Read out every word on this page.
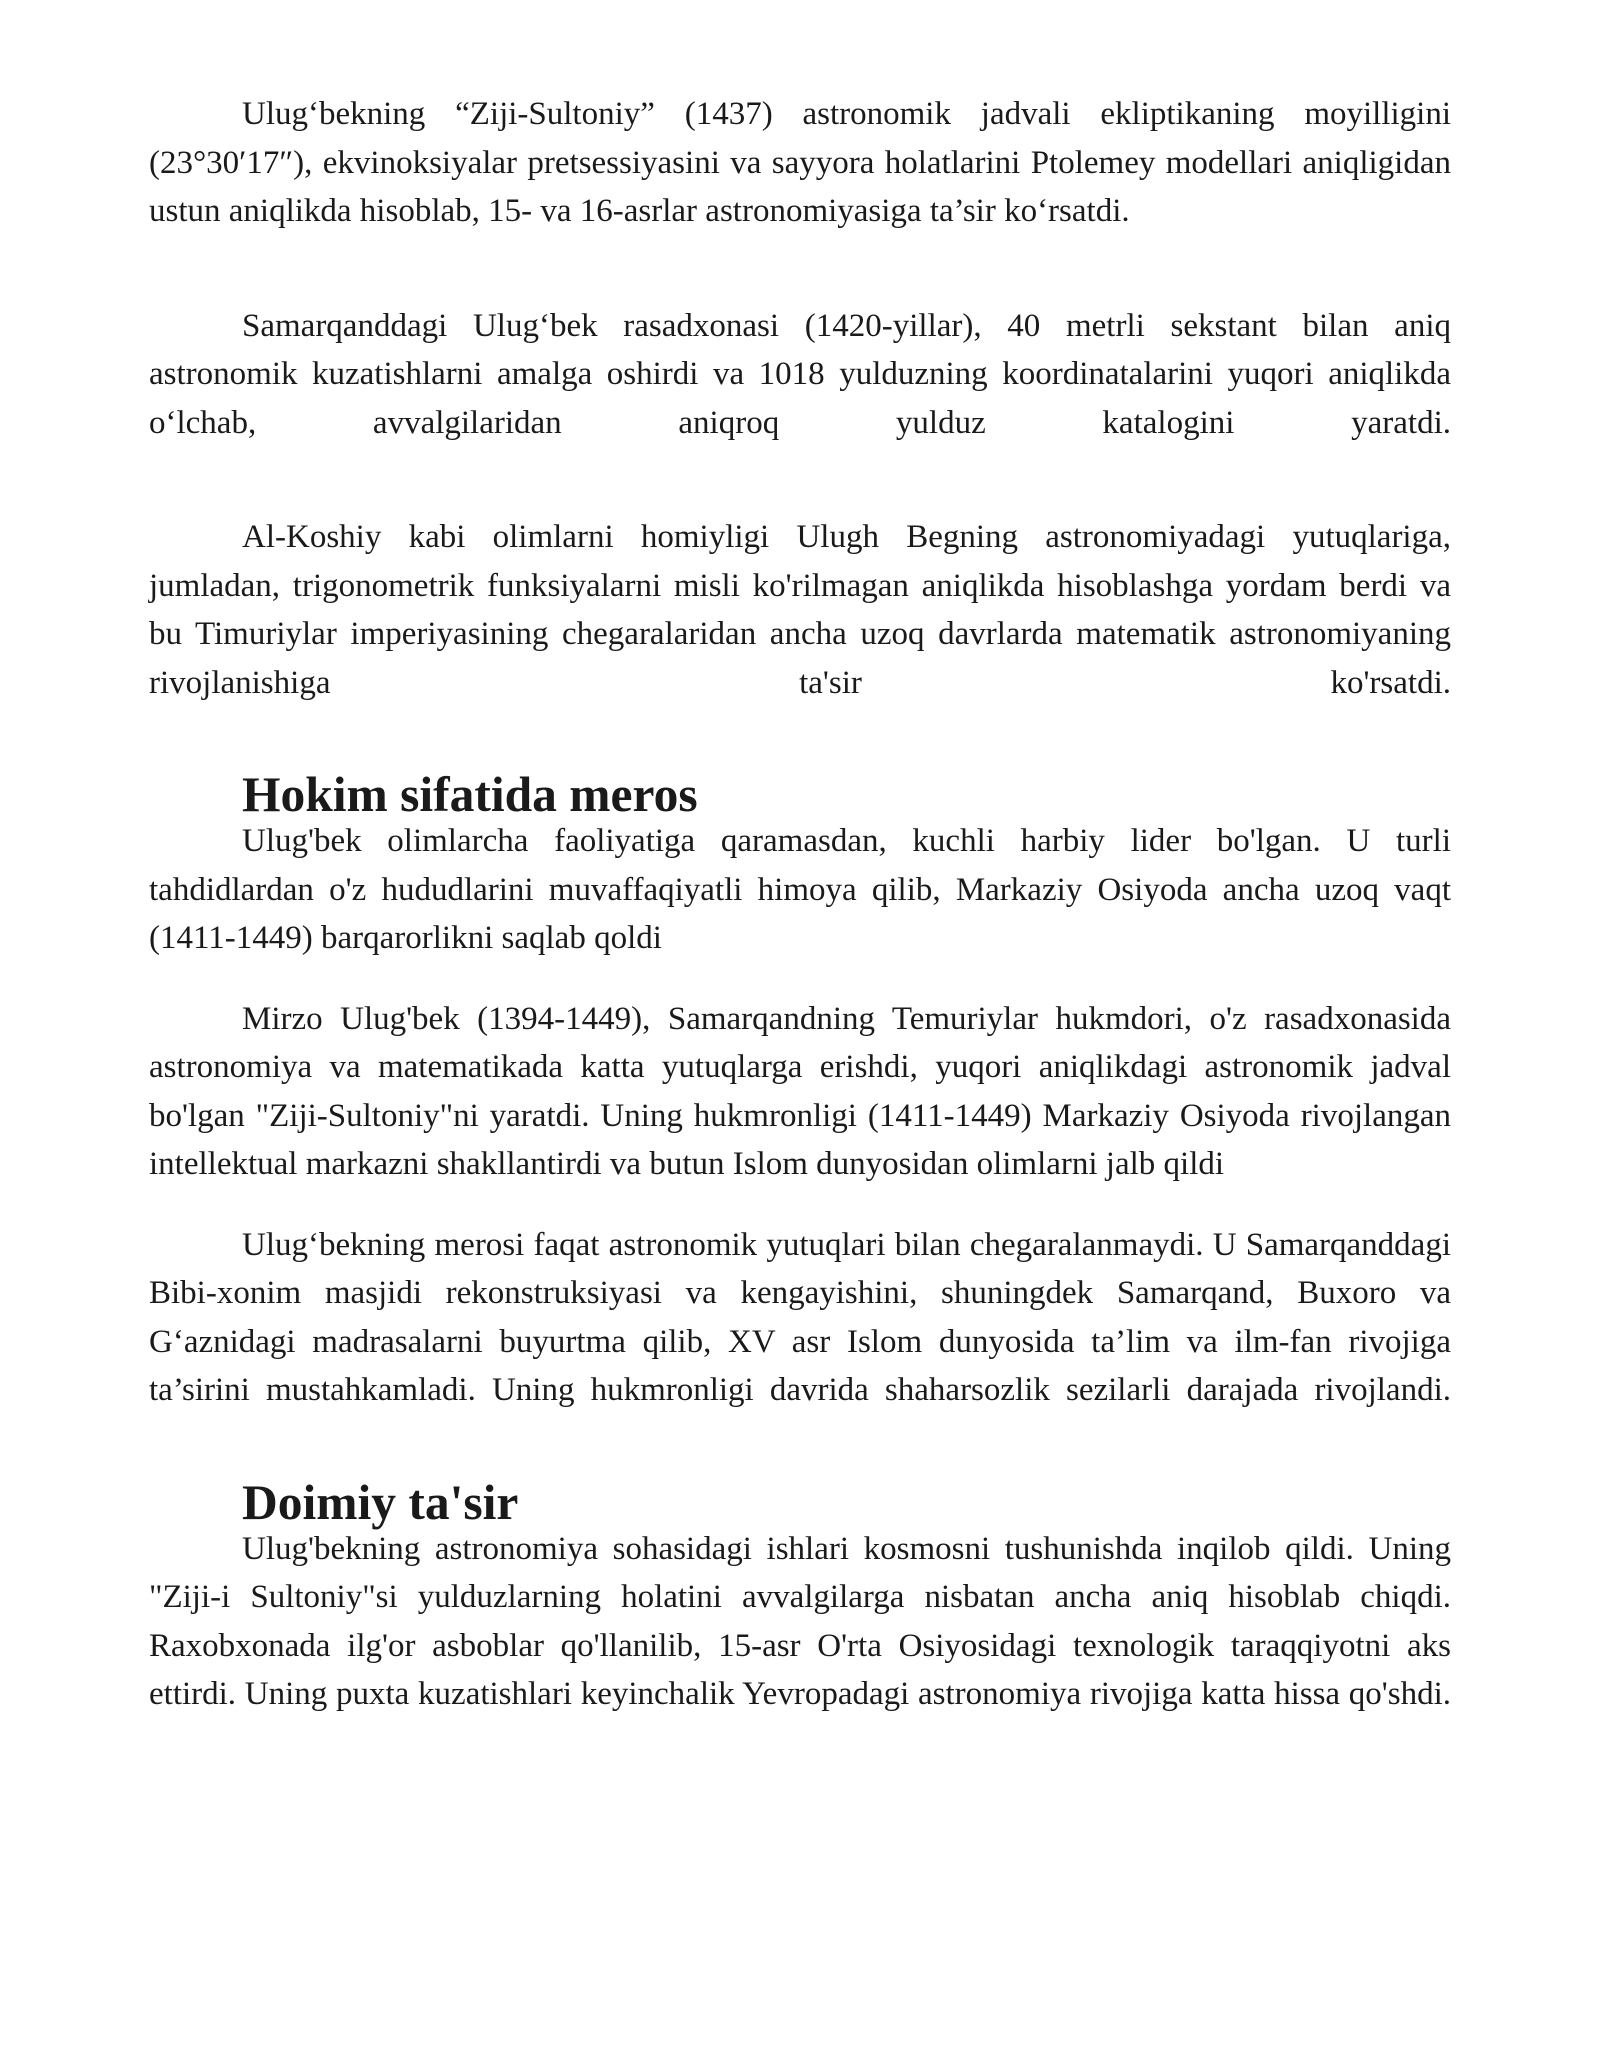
Ulug‘bekning “Ziji-Sultoniy” (1437) astronomik jadvali ekliptikaning moyilligini (23°30′17″), ekvinoksiyalar pretsessiyasini va sayyora holatlarini Ptolemey modellari aniqligidan ustun aniqlikda hisoblab, 15- va 16-asrlar astronomiyasiga ta’sir ko‘rsatdi.

Samarqanddagi Ulug‘bek rasadxonasi (1420-yillar), 40 metrli sekstant bilan aniq astronomik kuzatishlarni amalga oshirdi va 1018 yulduzning koordinatalarini yuqori aniqlikda o‘lchab, avvalgilaridan aniqroq yulduz katalogini yaratdi.

Al-Koshiy kabi olimlarni homiyligi Ulugh Begning astronomiyadagi yutuqlariga, jumladan, trigonometrik funksiyalarni misli ko'rilmagan aniqlikda hisoblashga yordam berdi va bu Timuriylar imperiyasining chegaralaridan ancha uzoq davrlarda matematik astronomiyaning rivojlanishiga ta'sir ko'rsatdi.

Hokim sifatida meros

Ulug'bek olimlarcha faoliyatiga qaramasdan, kuchli harbiy lider bo'lgan. U turli tahdidlardan o'z hududlarini muvaffaqiyatli himoya qilib, Markaziy Osiyoda ancha uzoq vaqt (1411-1449) barqarorlikni saqlab qoldi

Mirzo Ulug'bek (1394-1449), Samarqandning Temuriylar hukmdori, o'z rasadxonasida astronomiya va matematikada katta yutuqlarga erishdi, yuqori aniqlikdagi astronomik jadval bo'lgan "Ziji-Sultoniy"ni yaratdi. Uning hukmronligi (1411-1449) Markaziy Osiyoda rivojlangan intellektual markazni shakllantirdi va butun Islom dunyosidan olimlarni jalb qildi

Ulug‘bekning merosi faqat astronomik yutuqlari bilan chegaralanmaydi. U Samarqanddagi Bibi-xonim masjidi rekonstruksiyasi va kengayishini, shuningdek Samarqand, Buxoro va G‘aznidagi madrasalarni buyurtma qilib, XV asr Islom dunyosida ta’lim va ilm-fan rivojiga ta’sirini mustahkamladi. Uning hukmronligi davrida shaharsozlik sezilarli darajada rivojlandi.

Doimiy ta'sir

Ulug'bekning astronomiya sohasidagi ishlari kosmosni tushunishda inqilob qildi. Uning "Ziji-i Sultoniy"si yulduzlarning holatini avvalgilarga nisbatan ancha aniq hisoblab chiqdi. Raxobxonada ilg'or asboblar qo'llanilib, 15-asr O'rta Osiyosidagi texnologik taraqqiyotni aks ettirdi. Uning puxta kuzatishlari keyinchalik Yevropadagi astronomiya rivojiga katta hissa qo'shdi.
